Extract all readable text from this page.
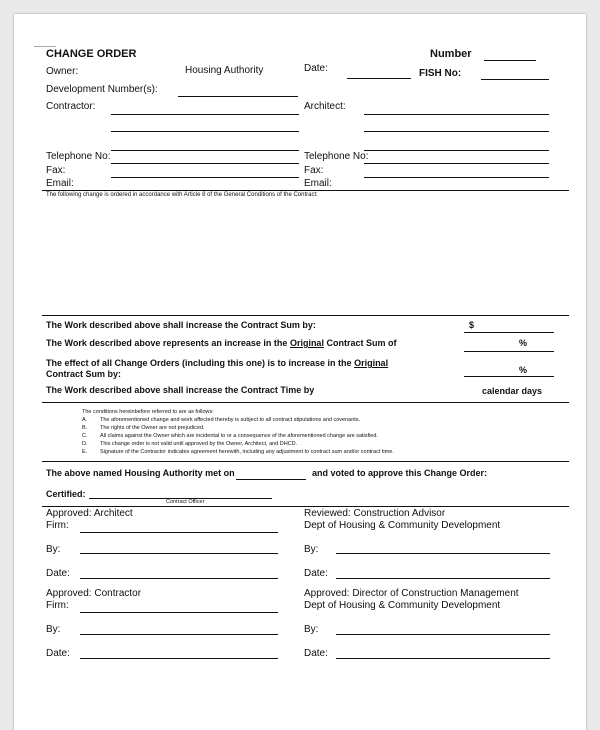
CHANGE ORDER	Number
Owner:	Housing Authority	Date:	FISH No:
Development Number(s):
Contractor:	Architect:
Telephone No:	Telephone No:
Fax:	Fax:
Email:	Email:
The following change is ordered in accordance with Article 8 of the General Conditions of the Contract:
The Work described above shall increase the Contract Sum by:	$
The Work described above represents an increase in the Original Contract Sum of	%
The effect of all Change Orders (including this one) is to increase in the Original
Contract Sum by:	%
The Work described above shall increase the Contract Time by	calendar days
The conditions hereinbefore referred to are as follows:
A. The aforementioned change and work affected thereby is subject to all contract stipulations and covenants.
B. The rights of the Owner are not prejudiced.
C. All claims against the Owner which are incidental to or a consequence of the aforementioned change are satisfied.
D. This change order is not valid until approved by the Owner, Architect, and DHCD.
E. Signature of the Contractor indicates agreement herewith, including any adjustment to contract sum and/or contract time.
The above named Housing Authority met on	and voted to approve this Change Order:
Certified:
Contract Officer
Approved: Architect
Firm:
Reviewed: Construction Advisor
Dept of Housing & Community Development
By:	By:
Date:	Date:
Approved: Contractor
Firm:
Approved: Director of Construction Management
Dept of Housing & Community Development
By:	By:
Date:	Date:
